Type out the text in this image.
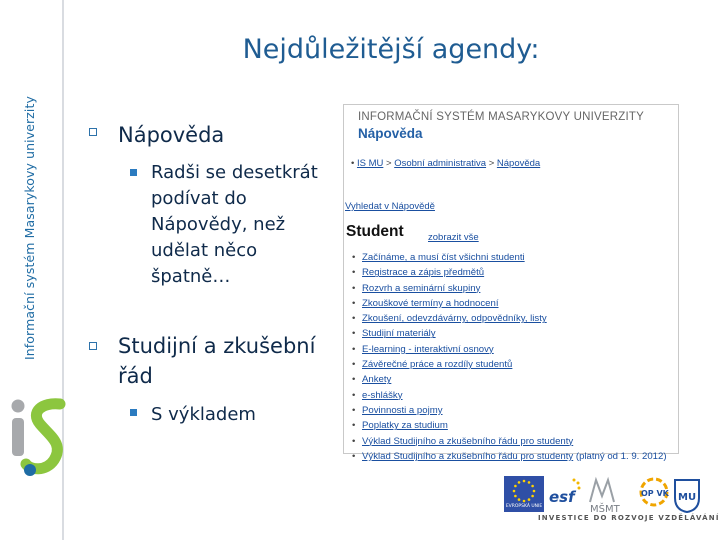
Informační systém Masarykovy univerzity
Nejdůležitější agendy:
Nápověda
Radši se desetkrát
podívat do
Nápovědy, než
udělat něco
špatně…
Studijní a zkušební
řád
S výkladem
INFORMAČNÍ SYSTÉM MASARYKOVY UNIVERZITY
Nápověda
• IS MU > Osobní administrativa > Nápověda
Vyhledat v Nápovědě
Student	zobrazit vše
• Začínáme, a musí číst všichni studenti
• Registrace a zápis předmětů
• Rozvrh a seminární skupiny
• Zkouškové termíny a hodnocení
• Zkoušení, odevzdávárny, odpovědníky, listy
• Studijní materiály
• E-learning - interaktivní osnovy
• Závěrečné práce a rozdíly studentů
• Ankety
• e-shlášky
• Povinnosti a pojmy
• Poplatky za studium
• Výklad Studijního a zkušebního řádu pro studenty
• Výklad Studijního a zkušebního řádu pro studenty (platný od 1. 9. 2012)
EVROPSKÁ UNIE
esf
MŠMT
OP VK MU
INVESTICE DO ROZVOJE VZDĚLÁVÁNÍ
